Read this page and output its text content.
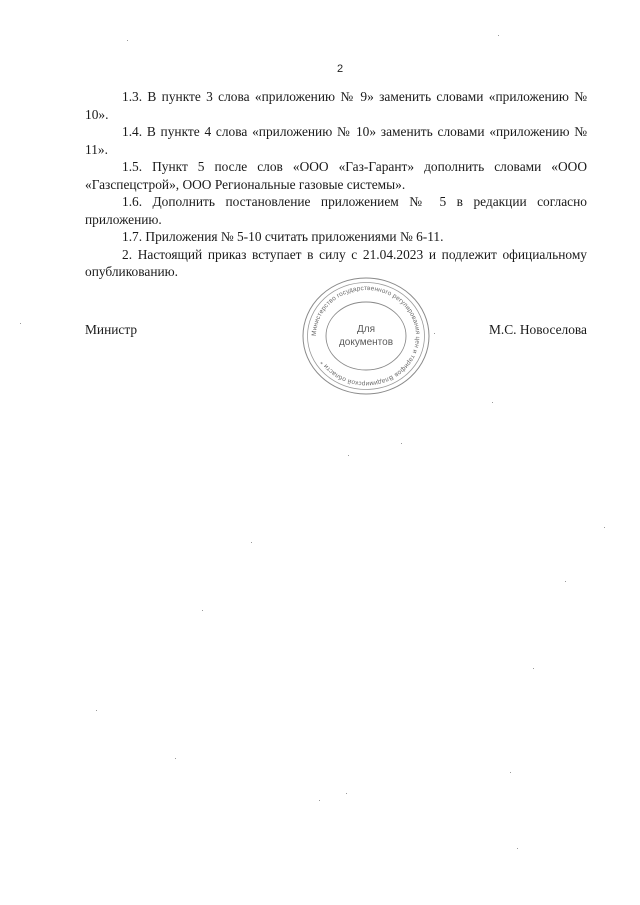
2

1.3. В пункте 3 слова «приложению № 9» заменить словами «приложению № 10».

1.4. В пункте 4 слова «приложению № 10» заменить словами «приложению № 11».

1.5. Пункт 5 после слов «ООО «Газ-Гарант» дополнить словами «ООО «Газспецстрой», ООО Региональные газовые системы».

1.6. Дополнить постановление приложением № 5 в редакции согласно приложению.

1.7. Приложения № 5-10 считать приложениями № 6-11.

2. Настоящий приказ вступает в силу с 21.04.2023 и подлежит официальному опубликованию.

Министр	М.С. Новоселова
Министерство государственного регулирования цен и тарифов Владимирской области *
Для
документов
